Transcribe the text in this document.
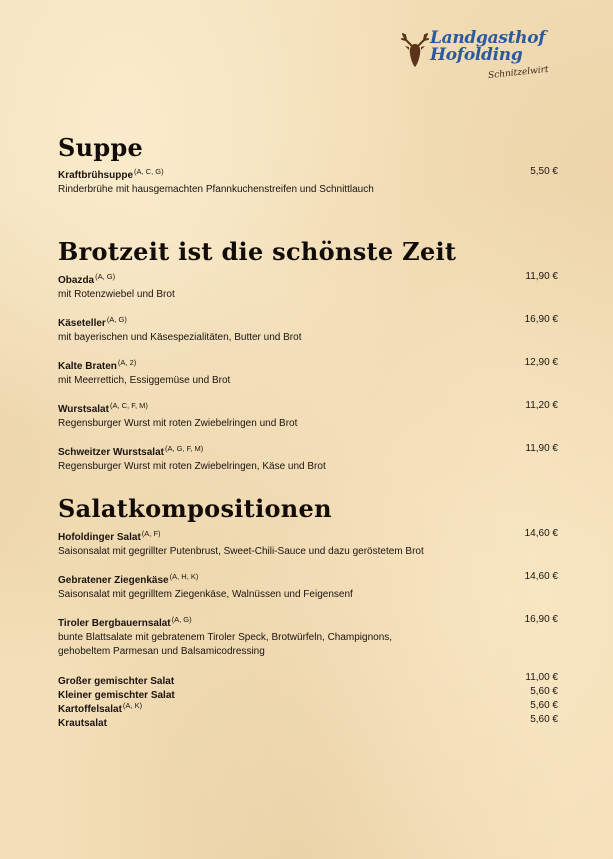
Landgasthof
Hofolding
Schnitzelwirt
Suppe
Kraftbrühsuppe$^{(A, C, G)}$	5,50 €
Rinderbrühe mit hausgemachten Pfannkuchenstreifen und Schnittlauch
Brotzeit ist die schönste Zeit
Obazda$^{(A, G)}$	11,90 €
mit Rotenzwiebel und Brot
Käseteller$^{(A, G)}$	16,90 €
mit bayerischen und Käsespezialitäten, Butter und Brot
Kalte Braten$^{(A, 2)}$	12,90 €
mit Meerrettich, Essiggemüse und Brot
Wurstsalat$^{(A, C, F, M)}$	11,20 €
Regensburger Wurst mit roten Zwiebelringen und Brot
Schweitzer Wurstsalat$^{(A, G, F, M)}$	11,90 €
Regensburger Wurst mit roten Zwiebelringen, Käse und Brot
Salatkompositionen
Hofoldinger Salat$^{(A, F)}$	14,60 €
Saisonsalat mit gegrillter Putenbrust, Sweet-Chili-Sauce und dazu geröstetem Brot
Gebratener Ziegenkäse$^{(A, H, K)}$	14,60 €
Saisonsalat mit gegrilltem Ziegenkäse, Walnüssen und Feigensenf
Tiroler Bergbauernsalat$^{(A, G)}$	16,90 €
bunte Blattsalate mit gebratenem Tiroler Speck, Brotwürfeln, Champignons,
gehobeltem Parmesan und Balsamicodressing
Großer gemischter Salat	11,00 €
Kleiner gemischter Salat	5,60 €
Kartoffelsalat$^{(A, K)}$	5,60 €
Krautsalat	5,60 €
